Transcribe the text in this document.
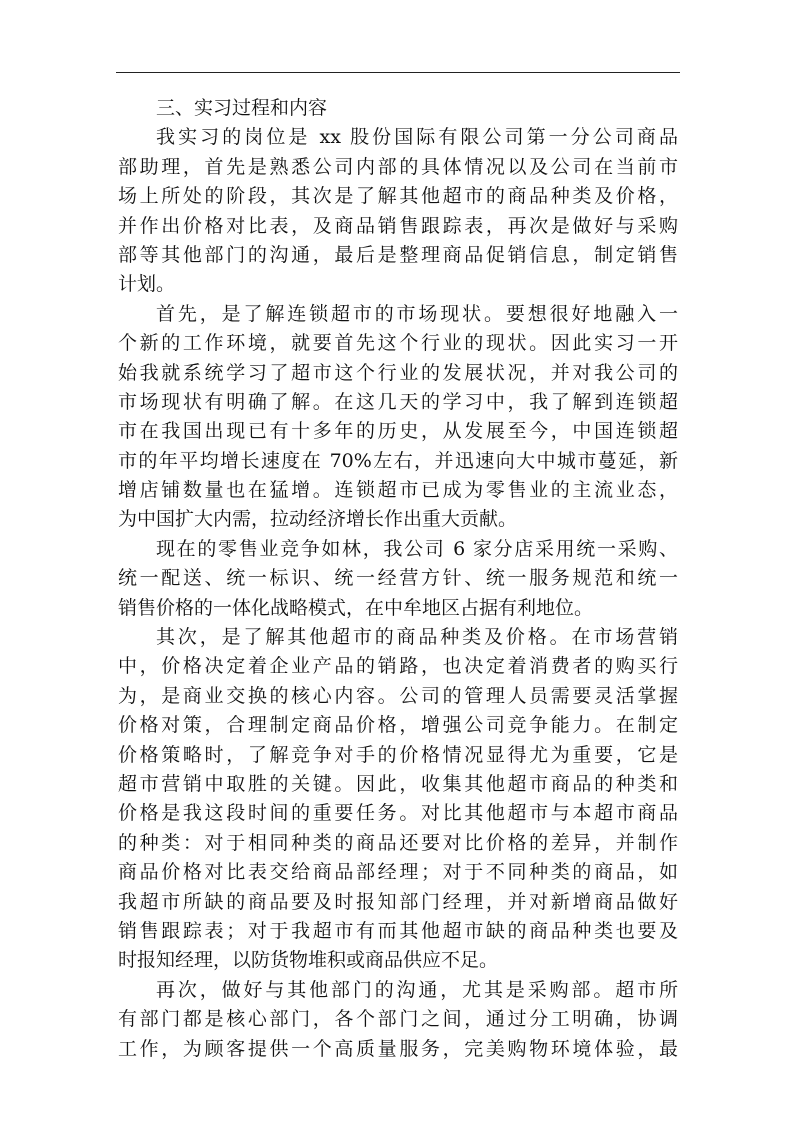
三、实习过程和内容
我实习的岗位是 xx 股份国际有限公司第一分公司商品
部助理，首先是熟悉公司内部的具体情况以及公司在当前市
场上所处的阶段，其次是了解其他超市的商品种类及价格，
并作出价格对比表，及商品销售跟踪表，再次是做好与采购
部等其他部门的沟通，最后是整理商品促销信息，制定销售
计划。
首先，是了解连锁超市的市场现状。要想很好地融入一
个新的工作环境，就要首先这个行业的现状。因此实习一开
始我就系统学习了超市这个行业的发展状况，并对我公司的
市场现状有明确了解。在这几天的学习中，我了解到连锁超
市在我国出现已有十多年的历史，从发展至今，中国连锁超
市的年平均增长速度在 70%左右，并迅速向大中城市蔓延，新
增店铺数量也在猛增。连锁超市已成为零售业的主流业态，
为中国扩大内需，拉动经济增长作出重大贡献。
现在的零售业竞争如林，我公司 6 家分店采用统一采购、
统一配送、统一标识、统一经营方针、统一服务规范和统一
销售价格的一体化战略模式，在中牟地区占据有利地位。
其次，是了解其他超市的商品种类及价格。在市场营销
中，价格决定着企业产品的销路，也决定着消费者的购买行
为，是商业交换的核心内容。公司的管理人员需要灵活掌握
价格对策，合理制定商品价格，增强公司竞争能力。在制定
价格策略时，了解竞争对手的价格情况显得尤为重要，它是
超市营销中取胜的关键。因此，收集其他超市商品的种类和
价格是我这段时间的重要任务。对比其他超市与本超市商品
的种类：对于相同种类的商品还要对比价格的差异，并制作
商品价格对比表交给商品部经理；对于不同种类的商品，如
我超市所缺的商品要及时报知部门经理，并对新增商品做好
销售跟踪表；对于我超市有而其他超市缺的商品种类也要及
时报知经理，以防货物堆积或商品供应不足。
再次，做好与其他部门的沟通，尤其是采购部。超市所
有部门都是核心部门，各个部门之间，通过分工明确，协调
工作，为顾客提供一个高质量服务，完美购物环境体验，最
